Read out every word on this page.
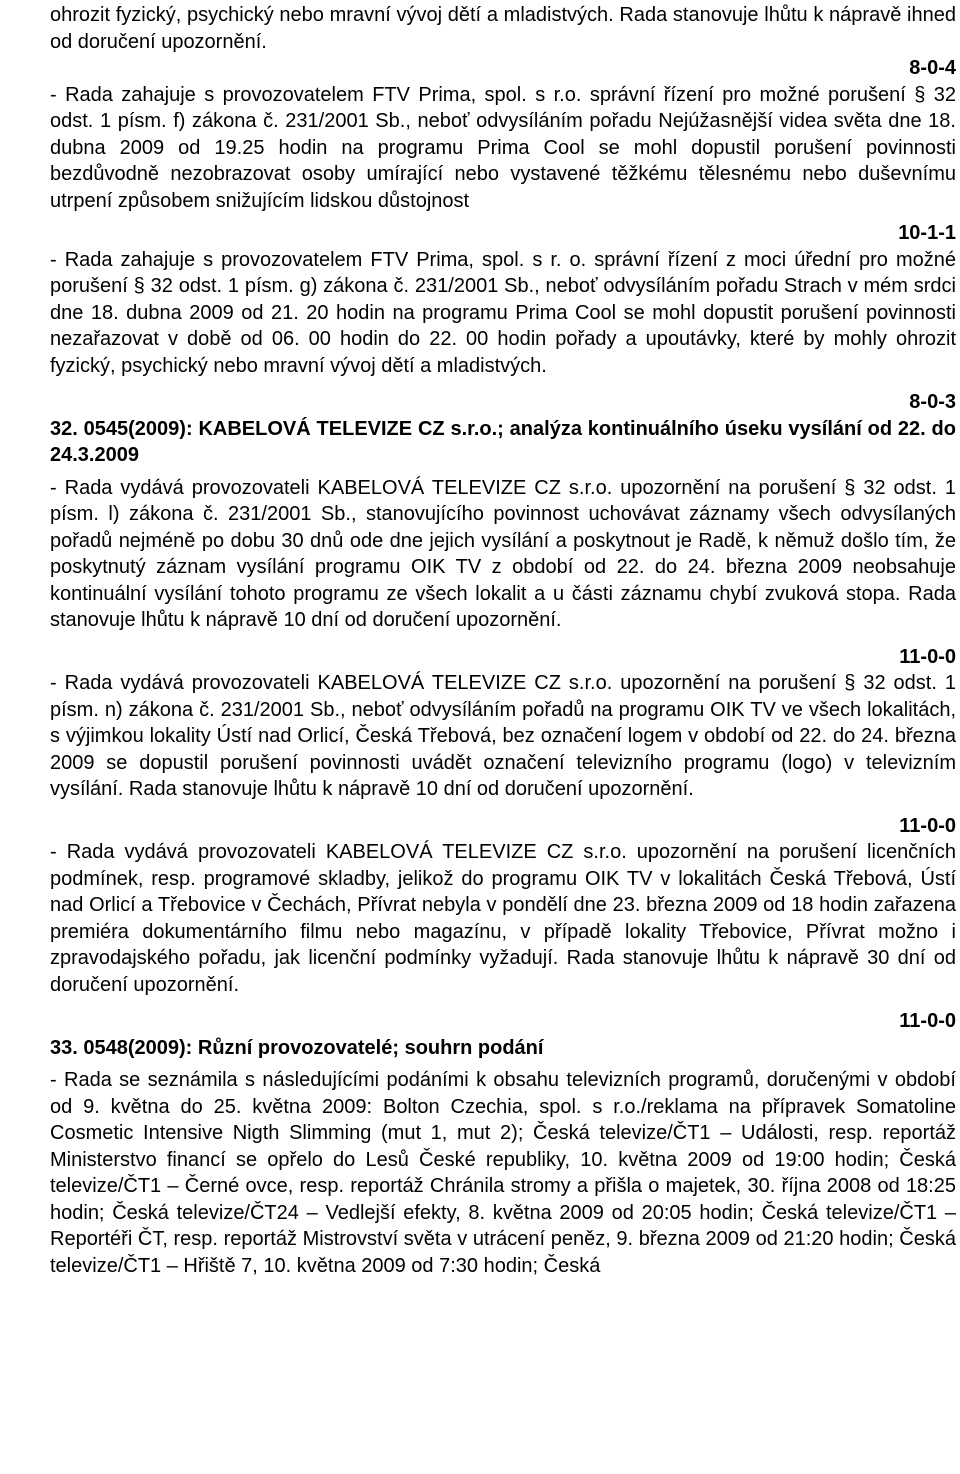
ohrozit fyzický, psychický nebo mravní vývoj dětí a mladistvých. Rada stanovuje lhůtu k nápravě ihned od doručení upozornění.

8-0-4

- Rada zahajuje s provozovatelem FTV Prima, spol. s r.o. správní řízení pro možné porušení § 32 odst. 1 písm. f) zákona č. 231/2001 Sb., neboť odvysíláním pořadu Nejúžasnější videa světa dne 18. dubna 2009 od 19.25 hodin na programu Prima Cool se mohl dopustil porušení povinnosti bezdůvodně nezobrazovat osoby umírající nebo vystavené těžkému tělesnému nebo duševnímu utrpení způsobem snižujícím lidskou důstojnost

10-1-1

- Rada zahajuje s provozovatelem FTV Prima, spol. s r. o. správní řízení z moci úřední pro možné porušení § 32 odst. 1 písm. g) zákona č. 231/2001 Sb., neboť odvysíláním pořadu Strach v mém srdci dne 18. dubna 2009 od 21. 20 hodin na programu Prima Cool se mohl dopustit porušení povinnosti nezařazovat v době od 06. 00 hodin do 22. 00 hodin pořady a upoutávky, které by mohly ohrozit fyzický, psychický nebo mravní vývoj dětí a mladistvých.

8-0-3

32. 0545(2009): KABELOVÁ TELEVIZE CZ s.r.o.; analýza kontinuálního úseku vysílání od 22. do 24.3.2009

- Rada vydává provozovateli KABELOVÁ TELEVIZE CZ s.r.o. upozornění na porušení § 32 odst. 1 písm. l) zákona č. 231/2001 Sb., stanovujícího povinnost uchovávat záznamy všech odvysílaných pořadů nejméně po dobu 30 dnů ode dne jejich vysílání a poskytnout je Radě, k němuž došlo tím, že poskytnutý záznam vysílání programu OIK TV z období od 22. do 24. března 2009 neobsahuje kontinuální vysílání tohoto programu ze všech lokalit a u části záznamu chybí zvuková stopa. Rada stanovuje lhůtu k nápravě 10 dní od doručení upozornění.

11-0-0

- Rada vydává provozovateli KABELOVÁ TELEVIZE CZ s.r.o. upozornění na porušení § 32 odst. 1 písm. n) zákona č. 231/2001 Sb., neboť odvysíláním pořadů na programu OIK TV ve všech lokalitách, s výjimkou lokality Ústí nad Orlicí, Česká Třebová, bez označení logem v období od 22. do 24. března 2009 se dopustil porušení povinnosti uvádět označení televizního programu (logo) v televizním vysílání. Rada stanovuje lhůtu k nápravě 10 dní od doručení upozornění.

11-0-0

- Rada vydává provozovateli KABELOVÁ TELEVIZE CZ s.r.o. upozornění na porušení licenčních podmínek, resp. programové skladby, jelikož do programu OIK TV v lokalitách Česká Třebová, Ústí nad Orlicí a Třebovice v Čechách, Přívrat nebyla v pondělí dne 23. března 2009 od 18 hodin zařazena premiéra dokumentárního filmu nebo magazínu, v případě lokality Třebovice, Přívrat možno i zpravodajského pořadu, jak licenční podmínky vyžadují. Rada stanovuje lhůtu k nápravě 30 dní od doručení upozornění.

11-0-0

33. 0548(2009): Různí provozovatelé; souhrn podání

- Rada se seznámila s následujícími podáními k obsahu televizních programů, doručenými v období od 9. května do 25. května 2009: Bolton Czechia, spol. s r.o./reklama na přípravek Somatoline Cosmetic Intensive Nigth Slimming (mut 1, mut 2); Česká televize/ČT1 – Události, resp. reportáž Ministerstvo financí se opřelo do Lesů České republiky, 10. května 2009 od 19:00 hodin; Česká televize/ČT1 – Černé ovce, resp. reportáž Chránila stromy a přišla o majetek, 30. října 2008 od 18:25 hodin; Česká televize/ČT24 – Vedlejší efekty, 8. května 2009 od 20:05 hodin; Česká televize/ČT1 – Reportéři ČT, resp. reportáž Mistrovství světa v utrácení peněz, 9. března 2009 od 21:20 hodin; Česká televize/ČT1 – Hřiště 7, 10. května 2009 od 7:30 hodin; Česká
